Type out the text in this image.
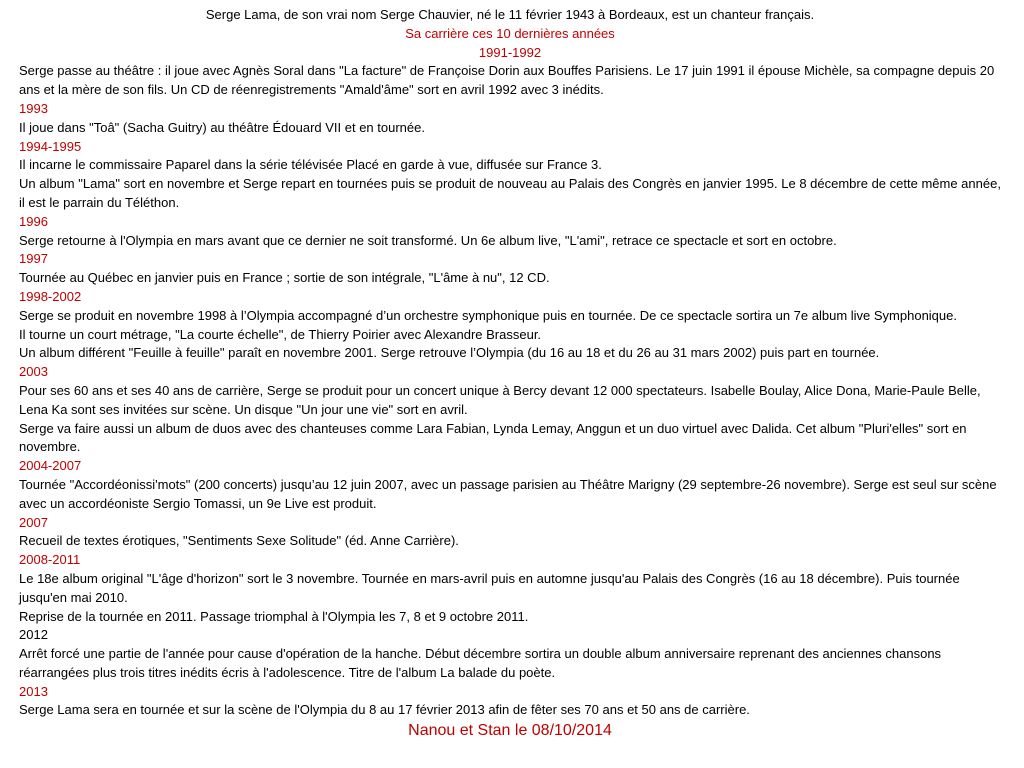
Serge Lama, de son vrai nom Serge Chauvier, né le 11 février 1943 à Bordeaux, est un chanteur français.
Sa carrière ces 10 dernières années
1991-1992

Serge passe au théâtre : il joue avec Agnès Soral dans "La facture" de Françoise Dorin aux Bouffes Parisiens. Le 17 juin 1991 il épouse Michèle, sa compagne depuis 20 ans et la mère de son fils. Un CD de réenregistrements "Amald'âme" sort en avril 1992 avec 3 inédits.

1993

Il joue dans "Toâ" (Sacha Guitry) au théâtre Édouard VII et en tournée.

1994-1995

Il incarne le commissaire Paparel dans la série télévisée Placé en garde à vue, diffusée sur France 3.

Un album "Lama" sort en novembre et Serge repart en tournées puis se produit de nouveau au Palais des Congrès en janvier 1995. Le 8 décembre de cette même année, il est le parrain du Téléthon.

1996

Serge retourne à l'Olympia en mars avant que ce dernier ne soit transformé. Un 6e album live, "L'ami", retrace ce spectacle et sort en octobre.

1997

Tournée au Québec en janvier puis en France ; sortie de son intégrale, "L'âme à nu", 12 CD.

1998-2002

Serge se produit en novembre 1998 à l’Olympia accompagné d’un orchestre symphonique puis en tournée. De ce spectacle sortira un 7e album live Symphonique.

Il tourne un court métrage, "La courte échelle", de Thierry Poirier avec Alexandre Brasseur.

Un album différent "Feuille à feuille" paraît en novembre 2001. Serge retrouve l’Olympia (du 16 au 18 et du 26 au 31 mars 2002) puis part en tournée.

2003

Pour ses 60 ans et ses 40 ans de carrière, Serge se produit pour un concert unique à Bercy devant 12 000 spectateurs. Isabelle Boulay, Alice Dona, Marie-Paule Belle, Lena Ka sont ses invitées sur scène. Un disque "Un jour une vie" sort en avril.

Serge va faire aussi un album de duos avec des chanteuses comme Lara Fabian, Lynda Lemay, Anggun et un duo virtuel avec Dalida. Cet album "Pluri'elles" sort en novembre.

2004-2007

Tournée "Accordéonissi'mots" (200 concerts) jusqu’au 12 juin 2007, avec un passage parisien au Théâtre Marigny (29 septembre-26 novembre). Serge est seul sur scène avec un accordéoniste Sergio Tomassi, un 9e Live est produit.

2007

Recueil de textes érotiques, "Sentiments Sexe Solitude" (éd. Anne Carrière).

2008-2011

Le 18e album original "L'âge d'horizon" sort le 3 novembre. Tournée en mars-avril puis en automne jusqu'au Palais des Congrès (16 au 18 décembre). Puis tournée jusqu'en mai 2010.

Reprise de la tournée en 2011. Passage triomphal à l'Olympia les 7, 8 et 9 octobre 2011.

2012

Arrêt forcé une partie de l'année pour cause d'opération de la hanche. Début décembre sortira un double album anniversaire reprenant des anciennes chansons réarrangées plus trois titres inédits écris à l'adolescence. Titre de l'album La balade du poète.

2013

Serge Lama sera en tournée et sur la scène de l'Olympia du 8 au 17 février 2013 afin de fêter ses 70 ans et 50 ans de carrière.

Nanou et Stan le 08/10/2014
